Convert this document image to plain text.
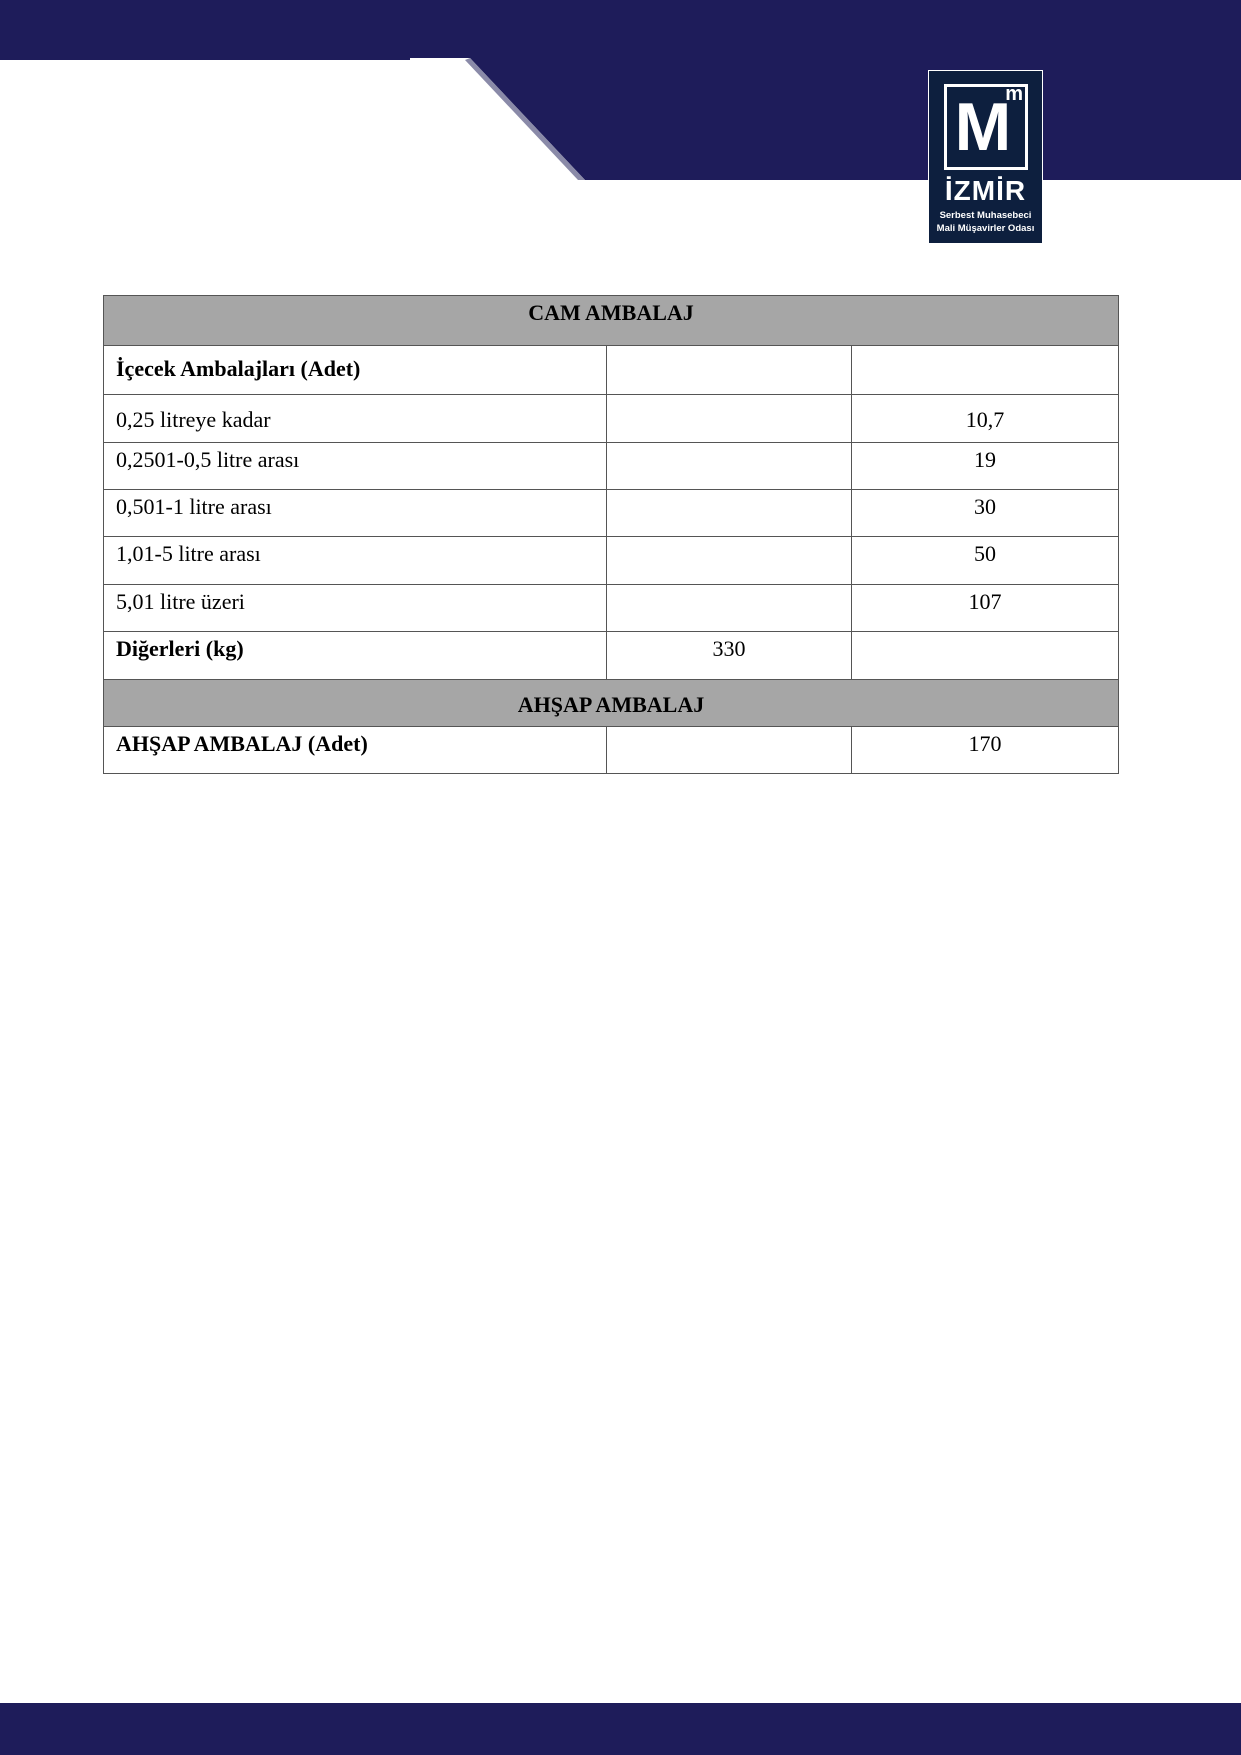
M
m
İZMİR
Serbest Muhasebeci
Mali Müşavirler Odası
CAM AMBALAJ		
İçecek Ambalajları (Adet)		
0,25 litreye kadar		10,7
0,2501-0,5 litre arası		19
0,501-1 litre arası		30
1,01-5 litre arası		50
5,01 litre üzeri		107
Diğerleri (kg)	330	
AHŞAP AMBALAJ		
AHŞAP AMBALAJ (Adet)		170
